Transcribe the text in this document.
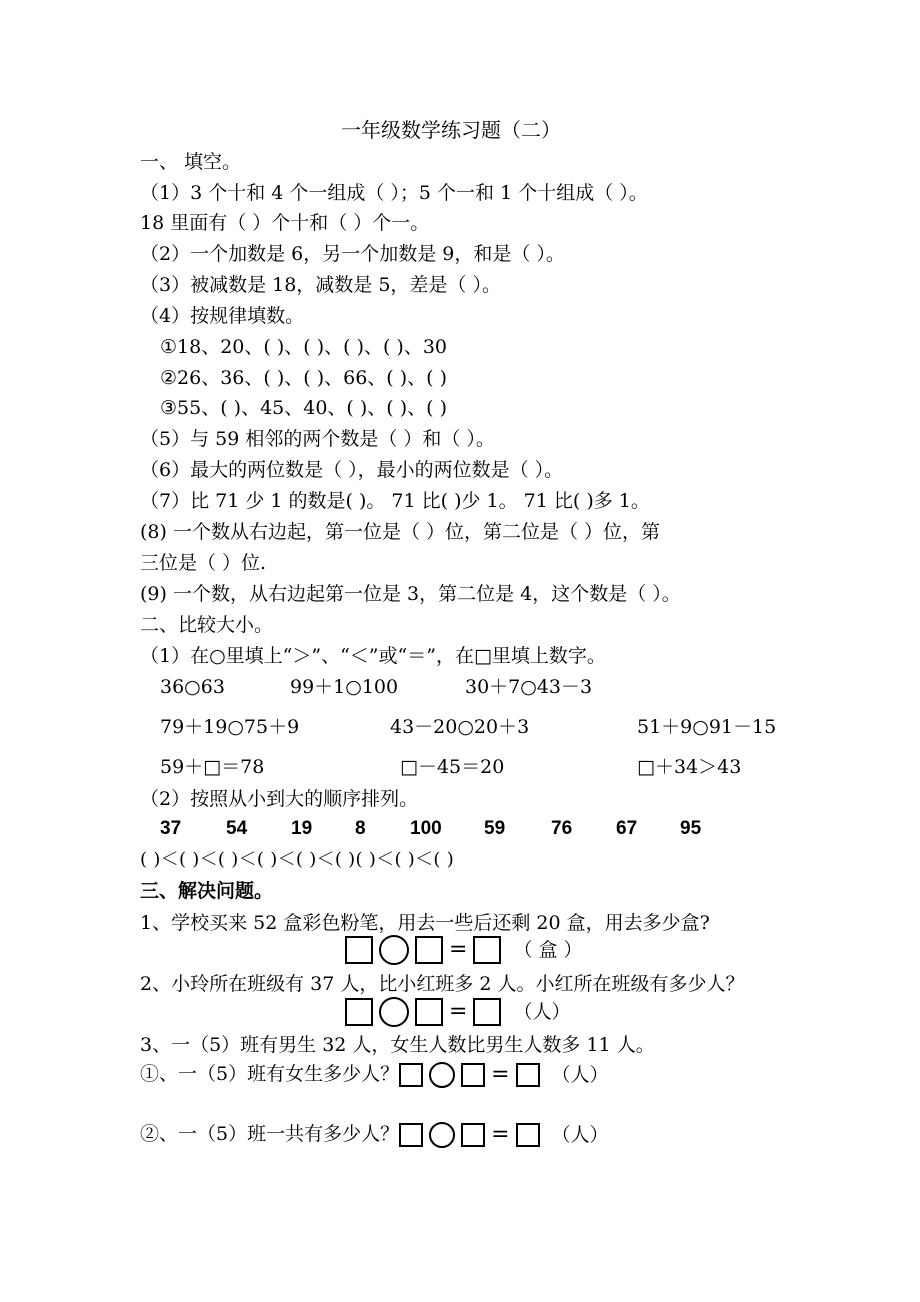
一年级数学练习题（二）
一、 填空。
（1）3 个十和 4 个一组成（ ）；5 个一和 1 个十组成（ ）。
18 里面有（ ）个十和（ ）个一。
（2）一个加数是 6，另一个加数是 9，和是（ ）。
（3）被减数是 18，减数是 5，差是（ ）。
（4）按规律填数。
①18、20、( )、( )、( )、( )、30
②26、36、( )、( )、66、( )、( )
③55、( )、45、40、( )、( )、( )
（5）与 59 相邻的两个数是（ ）和（ ）。
（6）最大的两位数是（ ），最小的两位数是（ ）。
（7）比 71 少 1 的数是( )。 71 比( )少 1。 71 比( )多 1。
(8) 一个数从右边起，第一位是（ ）位，第二位是（ ）位，第
三位是（ ）位.
(9) 一个数，从右边起第一位是 3，第二位是 4，这个数是（ ）。
二、比较大小。
（1）在○里填上“＞”、“＜”或“＝”，在□里填上数字。
36○63	99＋1○100	30＋7○43－3
79＋19○75＋9	43－20○20＋3	51＋9○91－15
59＋□＝78	□－45＝20	□＋34＞43
（2）按照从小到大的顺序排列。
37 54 19 8 100 59 76 67 95
( )＜( )＜( )＜( )＜( )＜( )( )＜( )＜( )
三、解决问题。
1、学校买来 52 盒彩色粉笔，用去一些后还剩 20 盒，用去多少盒?
= （ 盒 ）
2、小玲所在班级有 37 人，比小红班多 2 人。小红所在班级有多少人？
= （人）
3、一（5）班有男生 32 人，女生人数比男生人数多 11 人。
①、一（5）班有女生多少人？	= （人）
②、一（5）班一共有多少人？	= （人）
